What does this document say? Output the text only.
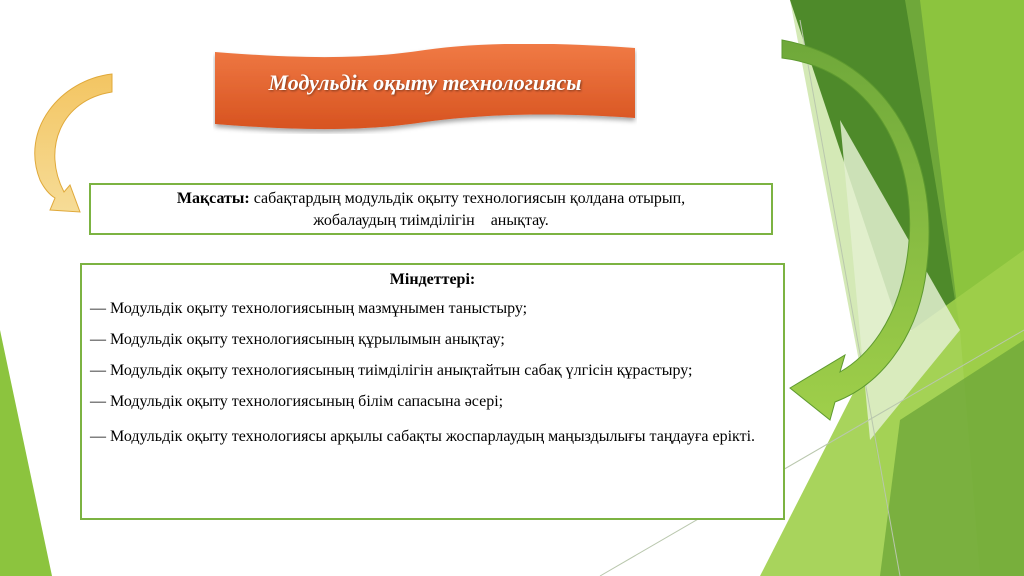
Модульдік оқыту технологиясы
Мақсаты: сабақтардың модульдік оқыту технологиясын қолдана отырып,
жобалаудың тиімділігін    анықтау.
Міндеттері:
— Модульдік оқыту технологиясының мазмұнымен таныстыру;
— Модульдік оқыту технологиясының құрылымын анықтау;
— Модульдік оқыту технологиясының тиімділігін анықтайтын сабақ үлгісін құрастыру;
— Модульдік оқыту технологиясының білім сапасына әсері;
— Модульдік оқыту технологиясы арқылы сабақты жоспарлаудың маңыздылығы таңдауға ерікті.
